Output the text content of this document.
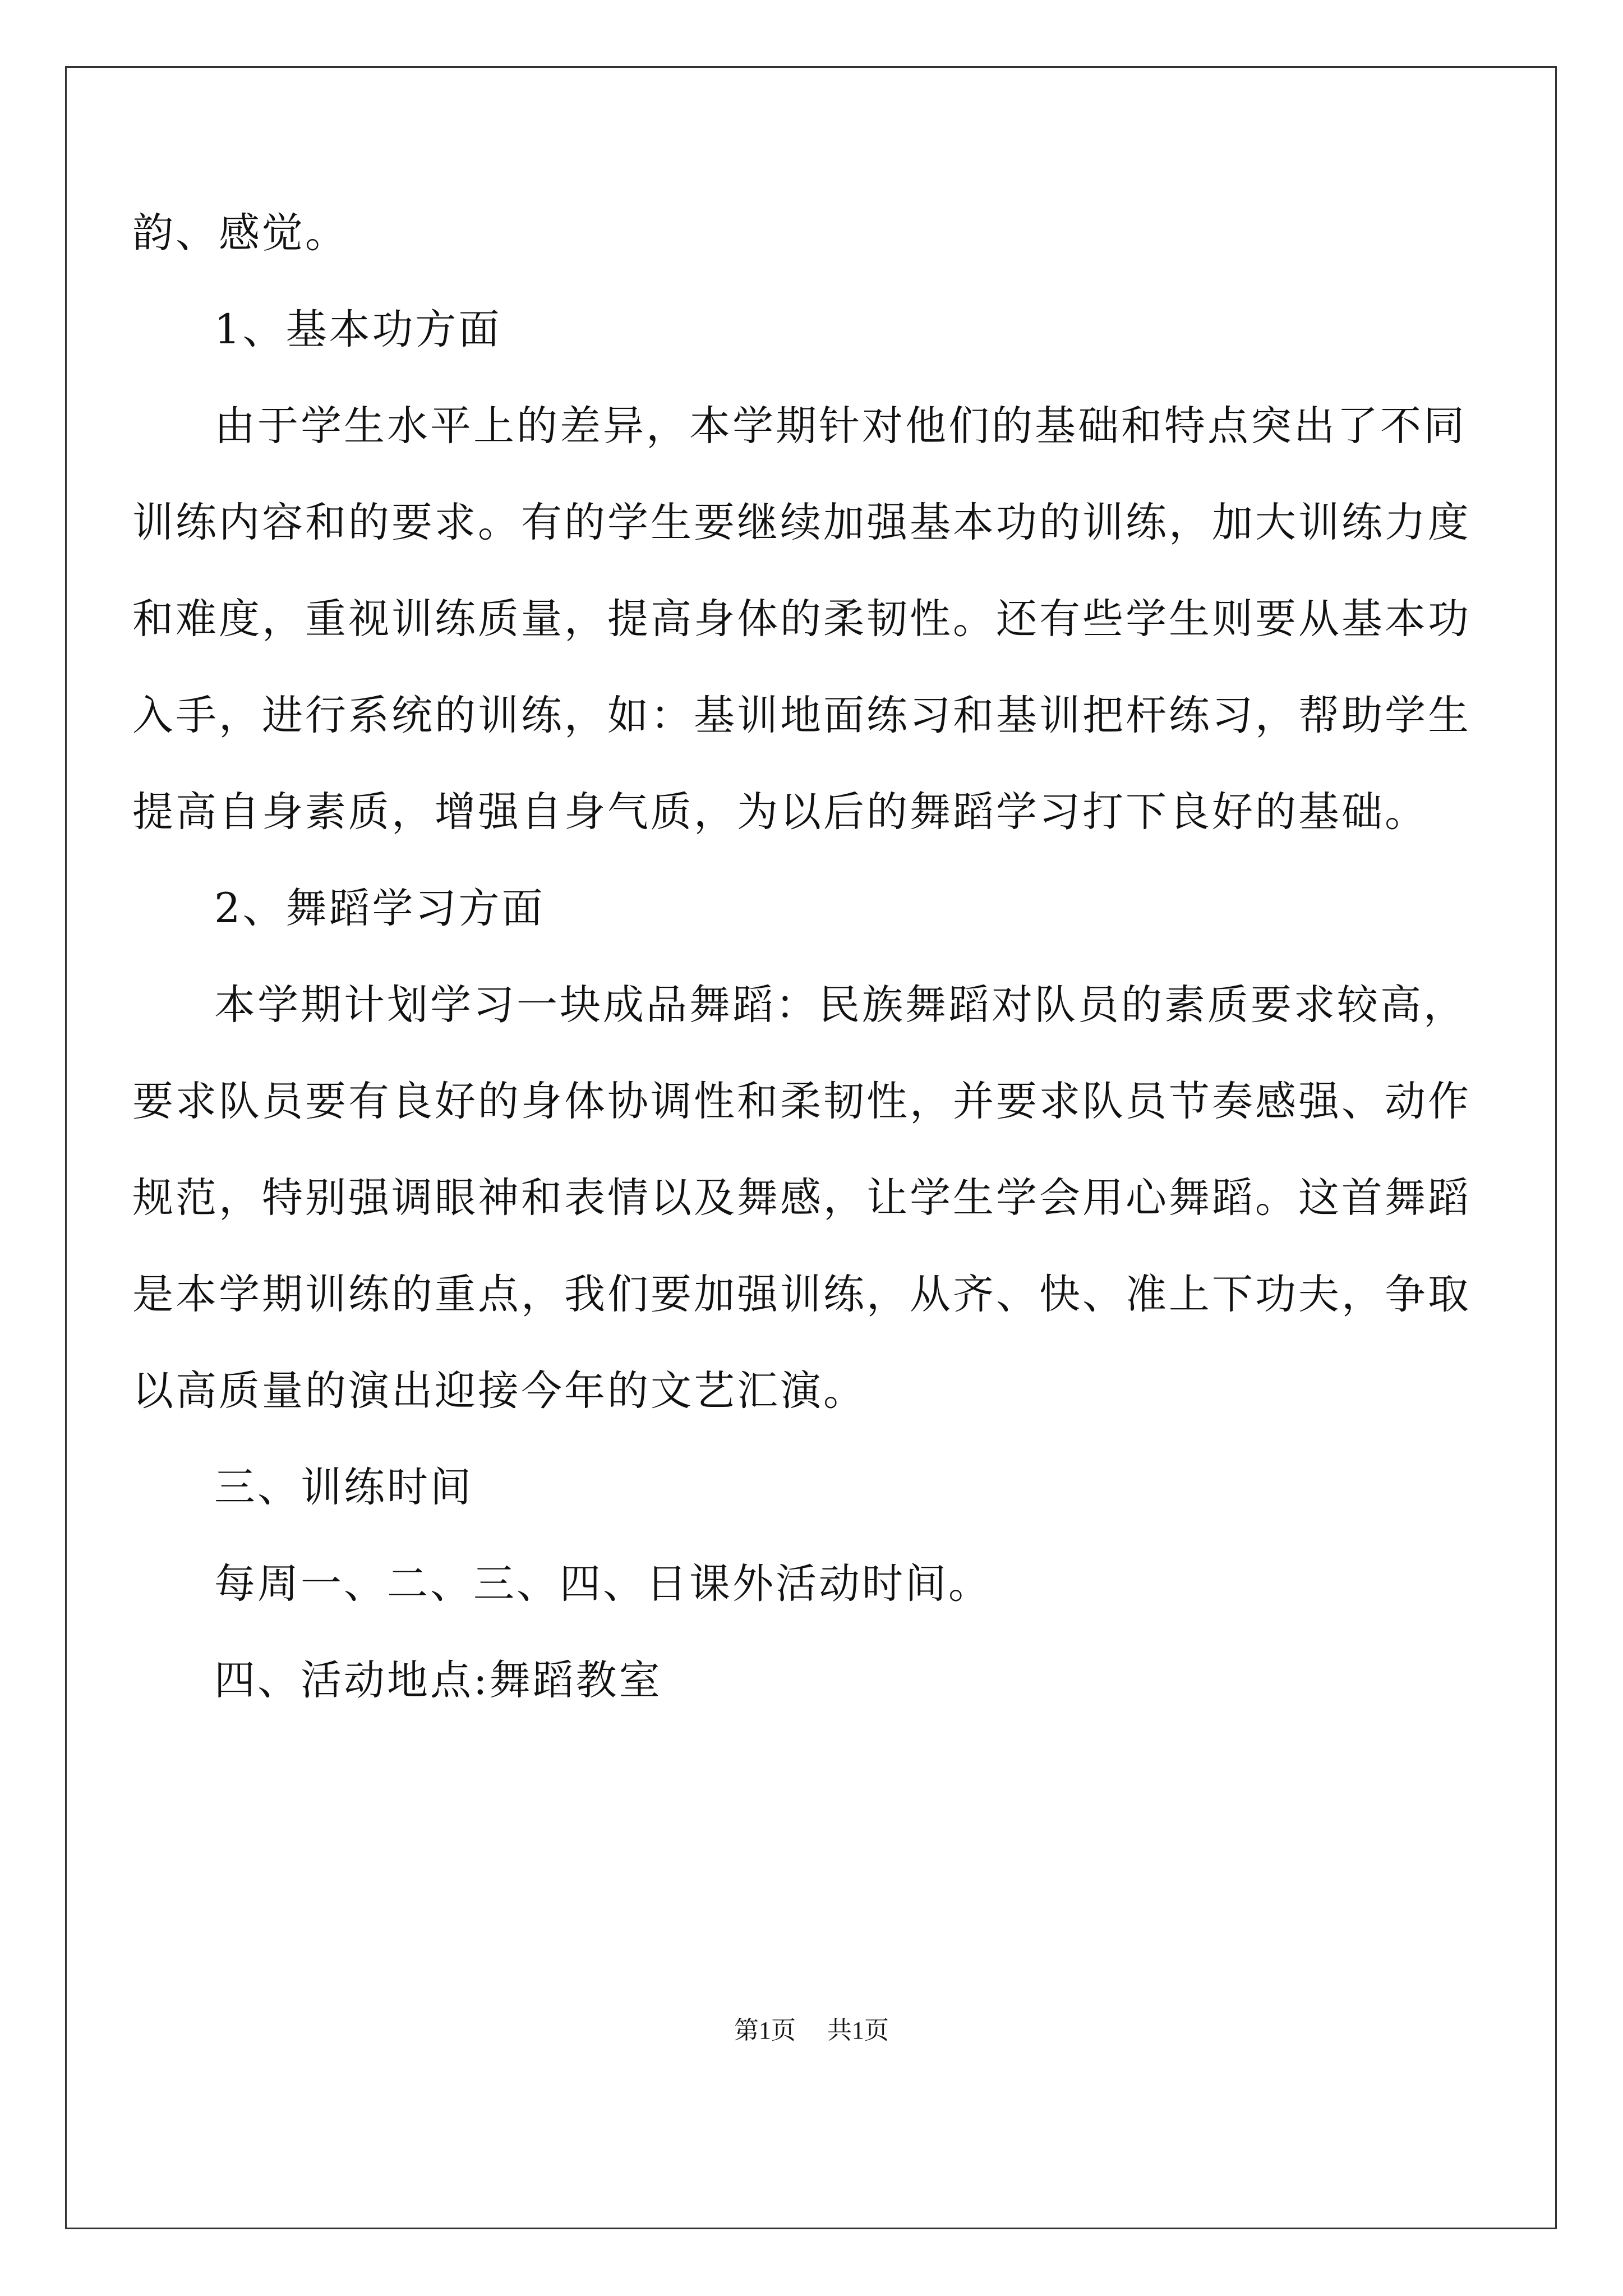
韵、感觉。

1、基本功方面

由于学生水平上的差异，本学期针对他们的基础和特点突出了不同训练内容和的要求。有的学生要继续加强基本功的训练，加大训练力度和难度，重视训练质量，提高身体的柔韧性。还有些学生则要从基本功入手，进行系统的训练，如：基训地面练习和基训把杆练习，帮助学生提高自身素质，增强自身气质，为以后的舞蹈学习打下良好的基础。

2、舞蹈学习方面

本学期计划学习一块成品舞蹈：民族舞蹈对队员的素质要求较高，要求队员要有良好的身体协调性和柔韧性，并要求队员节奏感强、动作规范，特别强调眼神和表情以及舞感，让学生学会用心舞蹈。这首舞蹈是本学期训练的重点，我们要加强训练，从齐、快、准上下功夫，争取以高质量的演出迎接今年的文艺汇演。

三、训练时间

每周一、二、三、四、日课外活动时间。

四、活动地点:舞蹈教室

第1页 共1页
